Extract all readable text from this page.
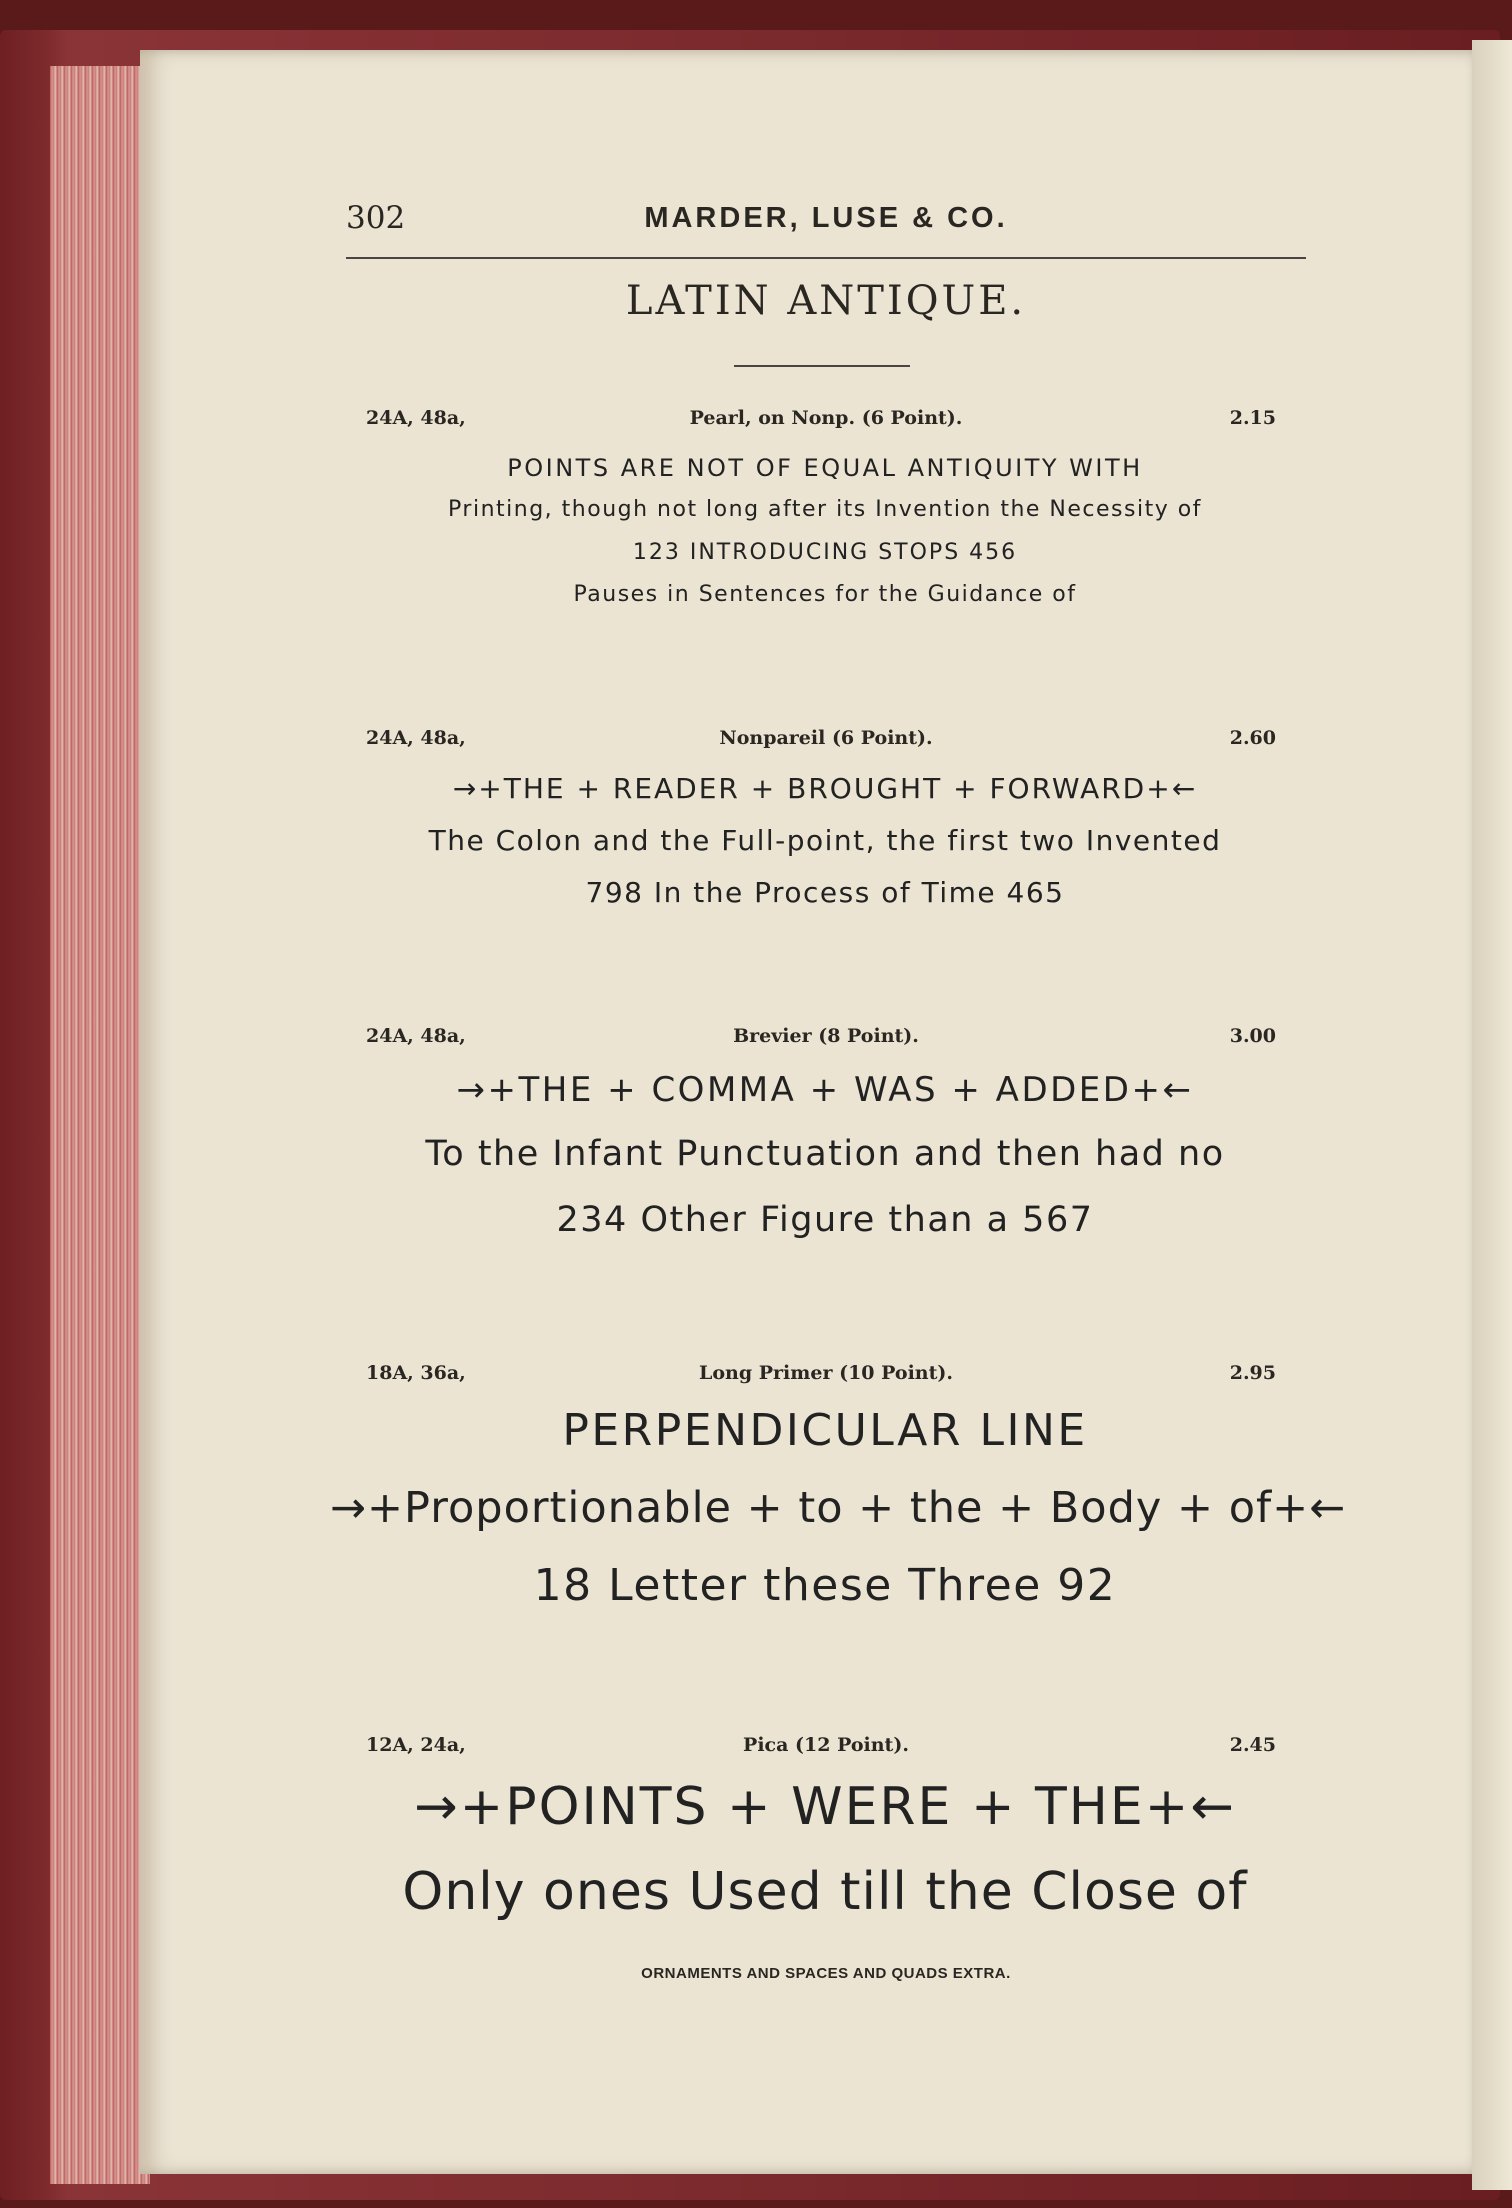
302	MARDER, LUSE & CO.
LATIN ANTIQUE.
24A, 48a,	Pearl, on Nonp. (6 Point).	2.15
POINTS ARE NOT OF EQUAL ANTIQUITY WITH
Printing, though not long after its Invention the Necessity of
123 INTRODUCING STOPS 456
Pauses in Sentences for the Guidance of
24A, 48a,	Nonpareil (6 Point).	2.60
→+THE + READER + BROUGHT + FORWARD+←
The Colon and the Full-point, the first two Invented
798 In the Process of Time 465
24A, 48a,	Brevier (8 Point).	3.00
→+THE + COMMA + WAS + ADDED+←
To the Infant Punctuation and then had no
234 Other Figure than a 567
18A, 36a,	Long Primer (10 Point).	2.95
PERPENDICULAR LINE
→+Proportionable + to + the + Body + of+←
18 Letter these Three 92
12A, 24a,	Pica (12 Point).	2.45
→+POINTS + WERE + THE+←
Only ones Used till the Close of
ORNAMENTS AND SPACES AND QUADS EXTRA.
